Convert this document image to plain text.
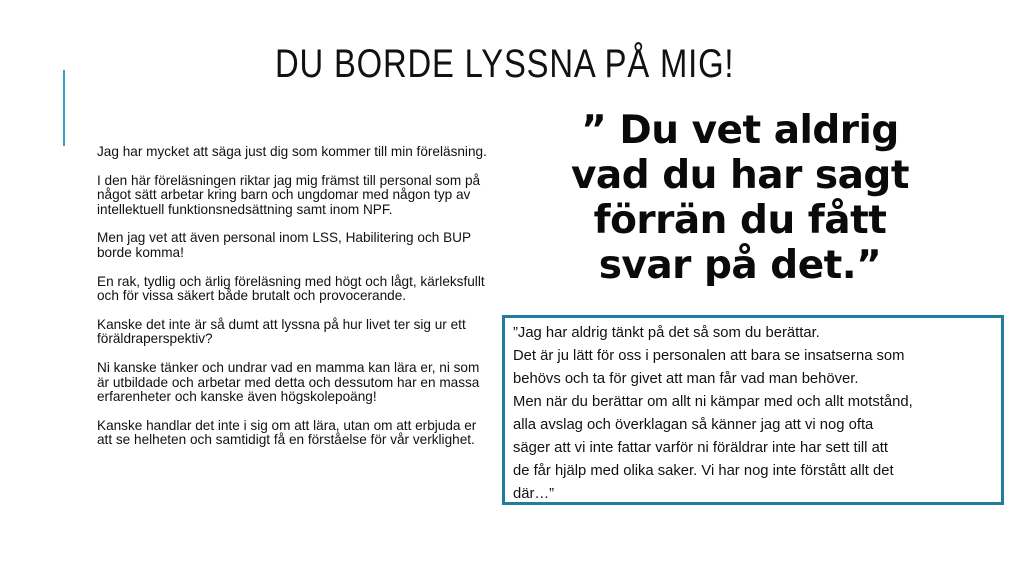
DU BORDE LYSSNA PÅ MIG!

Jag har mycket att säga just dig som kommer till min föreläsning.

I den här föreläsningen riktar jag mig främst till personal som på något sätt arbetar kring barn och ungdomar med någon typ av intellektuell funktionsnedsättning samt inom NPF.

Men jag vet att även personal inom LSS, Habilitering och BUP borde komma!

En rak, tydlig och ärlig föreläsning med högt och lågt, kärleksfullt och för vissa säkert både brutalt och provocerande.

Kanske det inte är så dumt att lyssna på hur livet ter sig ur ett föräldraperspektiv?

Ni kanske tänker och undrar vad en mamma kan lära er, ni som är utbildade och arbetar med detta och dessutom har en massa erfarenheter och kanske även högskolepoäng!

Kanske handlar det inte i sig om att lära, utan om att erbjuda er att se helheten och samtidigt få en förståelse för vår verklighet.

” Du vet aldrig
vad du har sagt
förrän du fått
svar på det.”
”Jag har aldrig tänkt på det så som du berättar.
Det är ju lätt för oss i personalen att bara se insatserna som
behövs och ta för givet att man får vad man behöver.
Men när du berättar om allt ni kämpar med och allt motstånd,
alla avslag och överklagan så känner jag att vi nog ofta
säger att vi inte fattar varför ni föräldrar inte har sett till att
de får hjälp med olika saker. Vi har nog inte förstått allt det
där…”
